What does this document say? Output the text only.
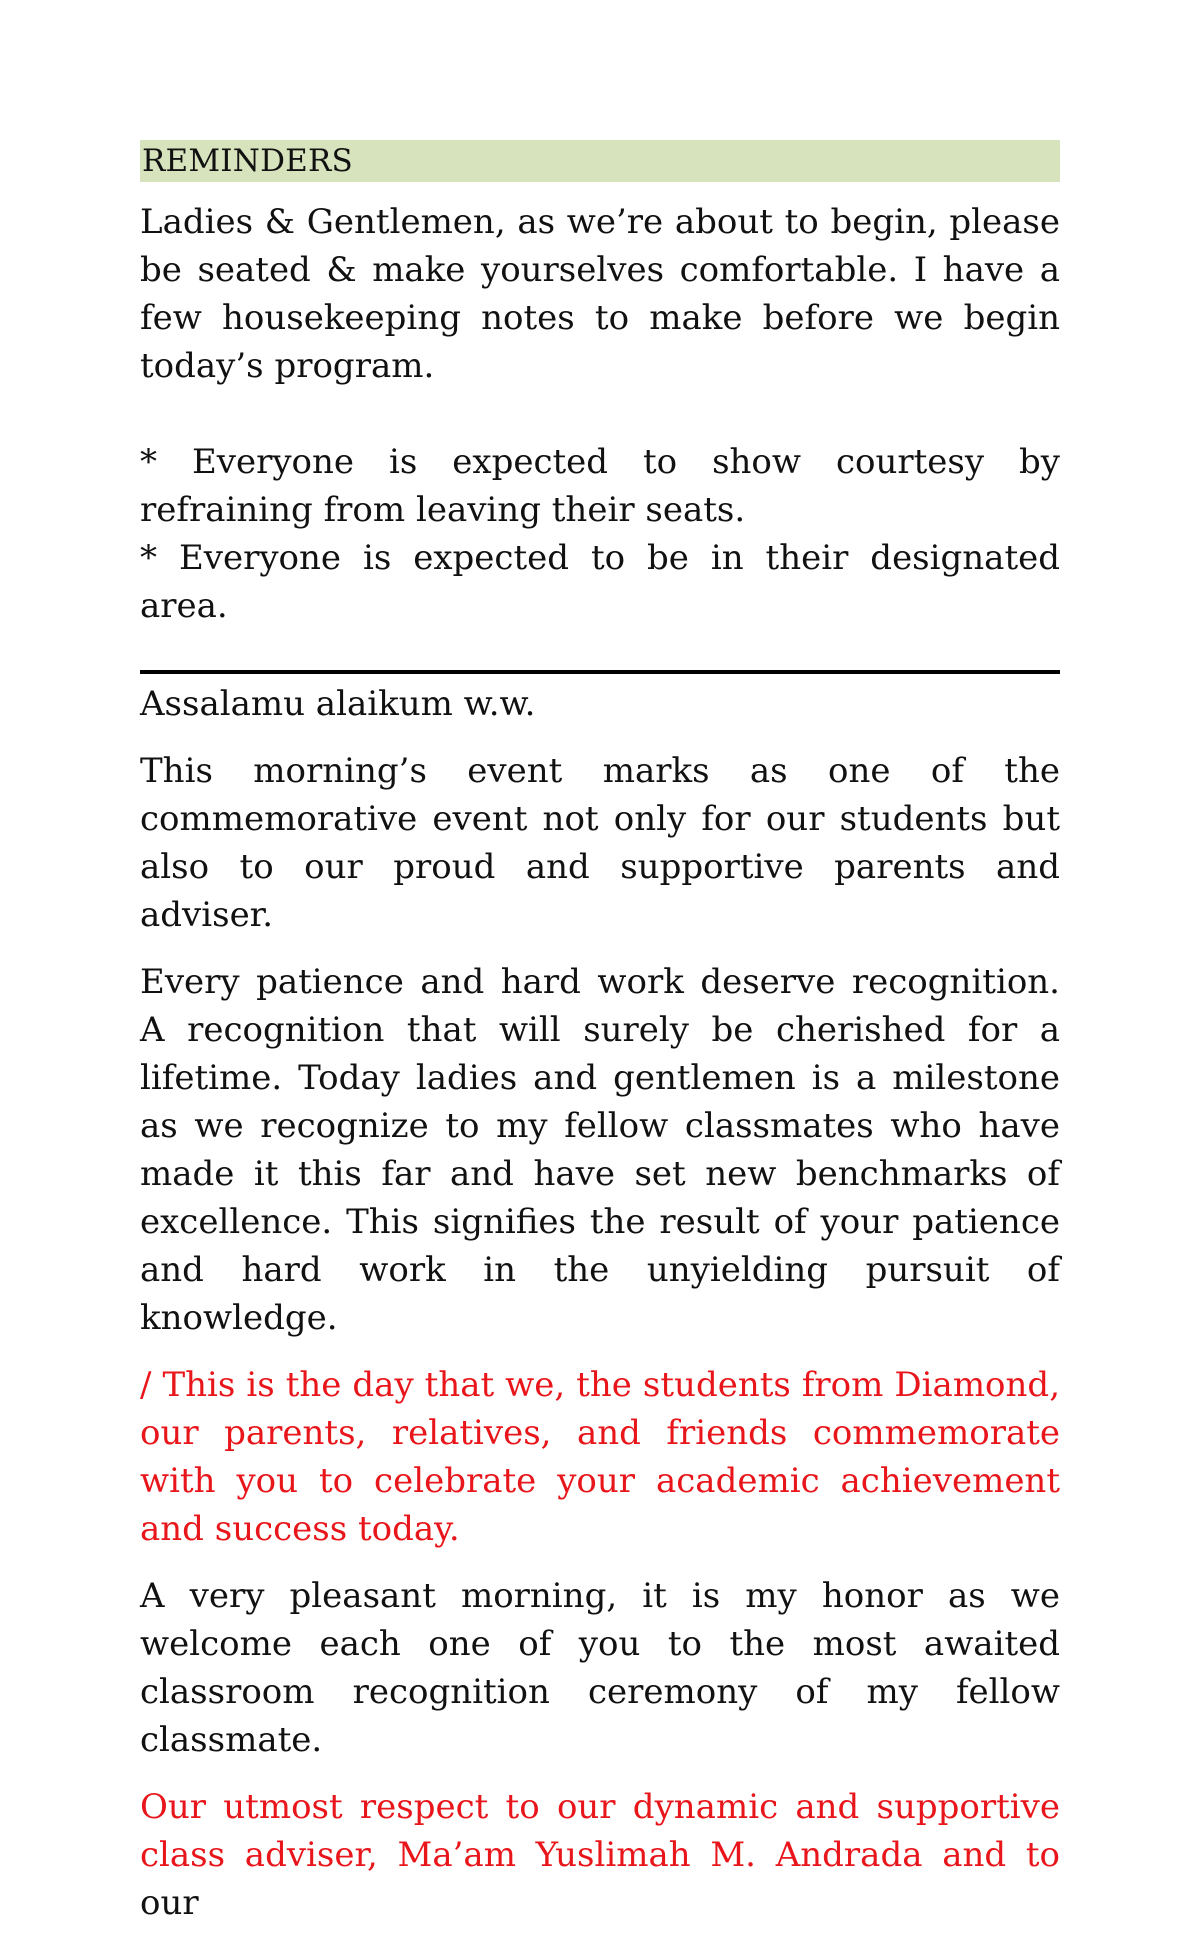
REMINDERS

Ladies & Gentlemen, as we’re about to begin, please be seated & make yourselves comfortable. I have a few housekeeping notes to make before we begin today’s program.

* Everyone is expected to show courtesy by refraining from leaving their seats.

* Everyone is expected to be in their designated area.

Assalamu alaikum w.w.

This morning’s event marks as one of the commemorative event not only for our students but also to our proud and supportive parents and adviser.

Every patience and hard work deserve recognition. A recognition that will surely be cherished for a lifetime. Today ladies and gentlemen is a milestone as we recognize to my fellow classmates who have made it this far and have set new benchmarks of excellence. This signifies the result of your patience and hard work in the unyielding pursuit of knowledge.

/ This is the day that we, the students from Diamond, our parents, relatives, and friends commemorate with you to celebrate your academic achievement and success today.

A very pleasant morning, it is my honor as we welcome each one of you to the most awaited classroom recognition ceremony of my fellow classmate.

Our utmost respect to our dynamic and supportive class adviser, Ma’am Yuslimah M. Andrada and to our
